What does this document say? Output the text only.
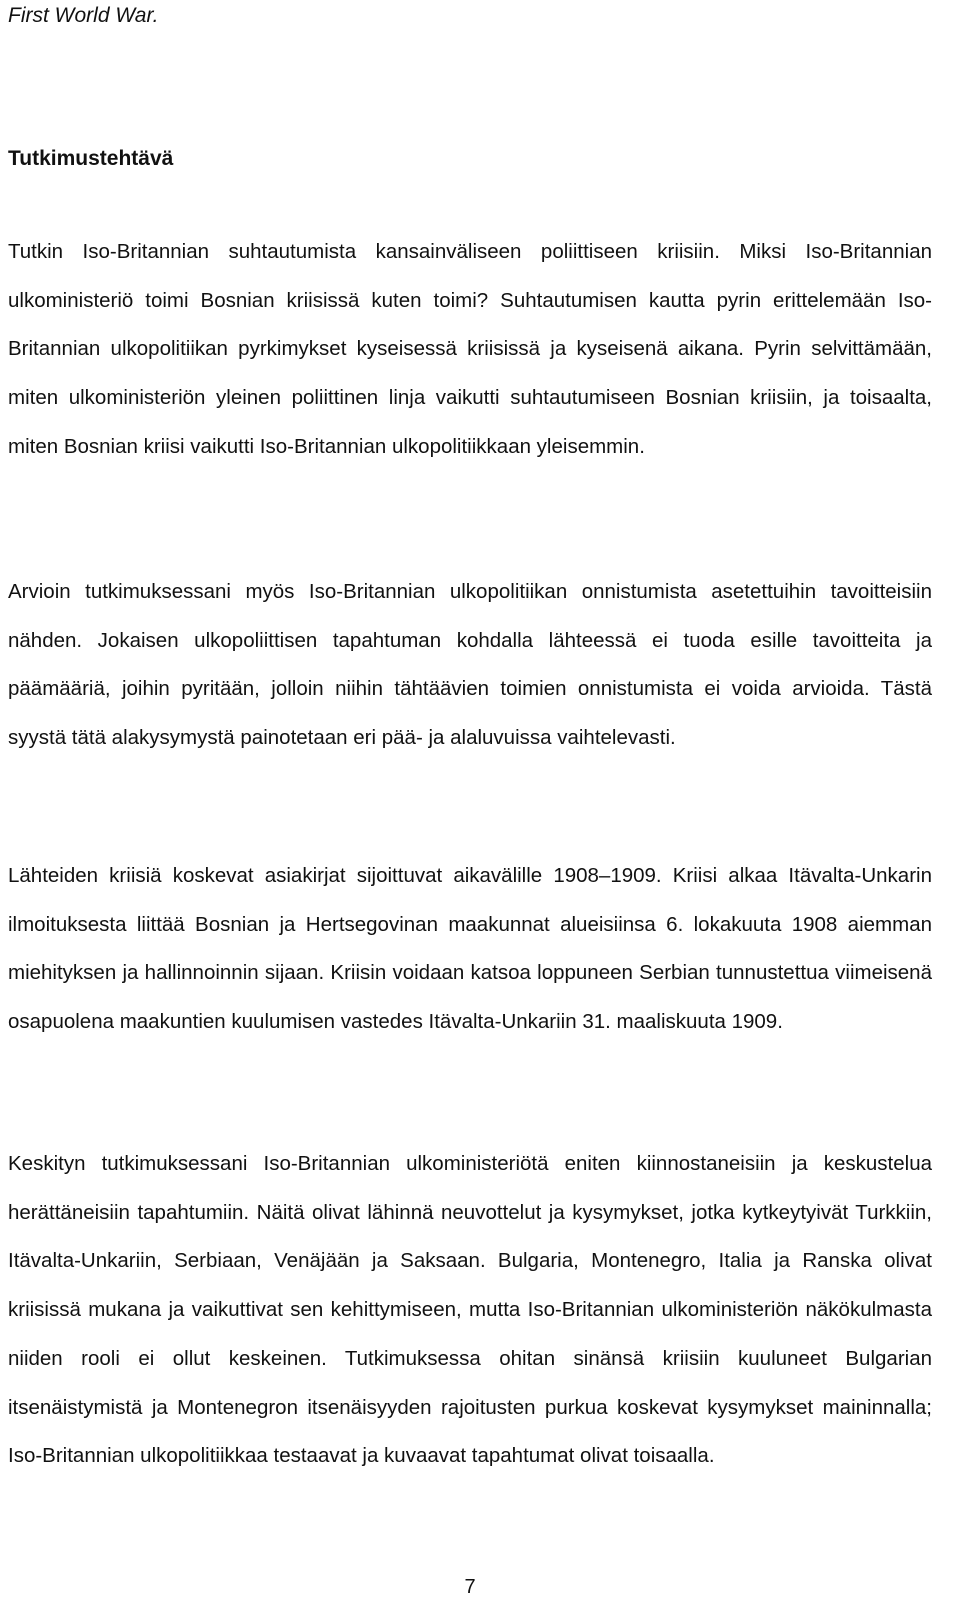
First World War.

Tutkimustehtävä

Tutkin Iso-Britannian suhtautumista kansainväliseen poliittiseen kriisiin. Miksi Iso-Britannian ulkoministeriö toimi Bosnian kriisissä kuten toimi? Suhtautumisen kautta pyrin erittelemään Iso-Britannian ulkopolitiikan pyrkimykset kyseisessä kriisissä ja kyseisenä aikana. Pyrin selvittämään, miten ulkoministeriön yleinen poliittinen linja vaikutti suhtautumiseen Bosnian kriisiin, ja toisaalta, miten Bosnian kriisi vaikutti Iso-Britannian ulkopolitiikkaan yleisemmin.

Arvioin tutkimuksessani myös Iso-Britannian ulkopolitiikan onnistumista asetettuihin tavoitteisiin nähden. Jokaisen ulkopoliittisen tapahtuman kohdalla lähteessä ei tuoda esille tavoitteita ja päämääriä, joihin pyritään, jolloin niihin tähtäävien toimien onnistumista ei voida arvioida. Tästä syystä tätä alakysymystä painotetaan eri pää- ja alaluvuissa vaihtelevasti.

Lähteiden kriisiä koskevat asiakirjat sijoittuvat aikavälille 1908–1909. Kriisi alkaa Itävalta-Unkarin ilmoituksesta liittää Bosnian ja Hertsegovinan maakunnat alueisiinsa 6. lokakuuta 1908 aiemman miehityksen ja hallinnoinnin sijaan. Kriisin voidaan katsoa loppuneen Serbian tunnustettua viimeisenä osapuolena maakuntien kuulumisen vastedes Itävalta-Unkariin 31. maaliskuuta 1909.

Keskityn tutkimuksessani Iso-Britannian ulkoministeriötä eniten kiinnostaneisiin ja keskustelua herättäneisiin tapahtumiin. Näitä olivat lähinnä neuvottelut ja kysymykset, jotka kytkeytyivät Turkkiin, Itävalta-Unkariin, Serbiaan, Venäjään ja Saksaan. Bulgaria, Montenegro, Italia ja Ranska olivat kriisissä mukana ja vaikuttivat sen kehittymiseen, mutta Iso-Britannian ulkoministeriön näkökulmasta niiden rooli ei ollut keskeinen. Tutkimuksessa ohitan sinänsä kriisiin kuuluneet Bulgarian itsenäistymistä ja Montenegron itsenäisyyden rajoitusten purkua koskevat kysymykset maininnalla; Iso-Britannian ulkopolitiikkaa testaavat ja kuvaavat tapahtumat olivat toisaalla.

7
